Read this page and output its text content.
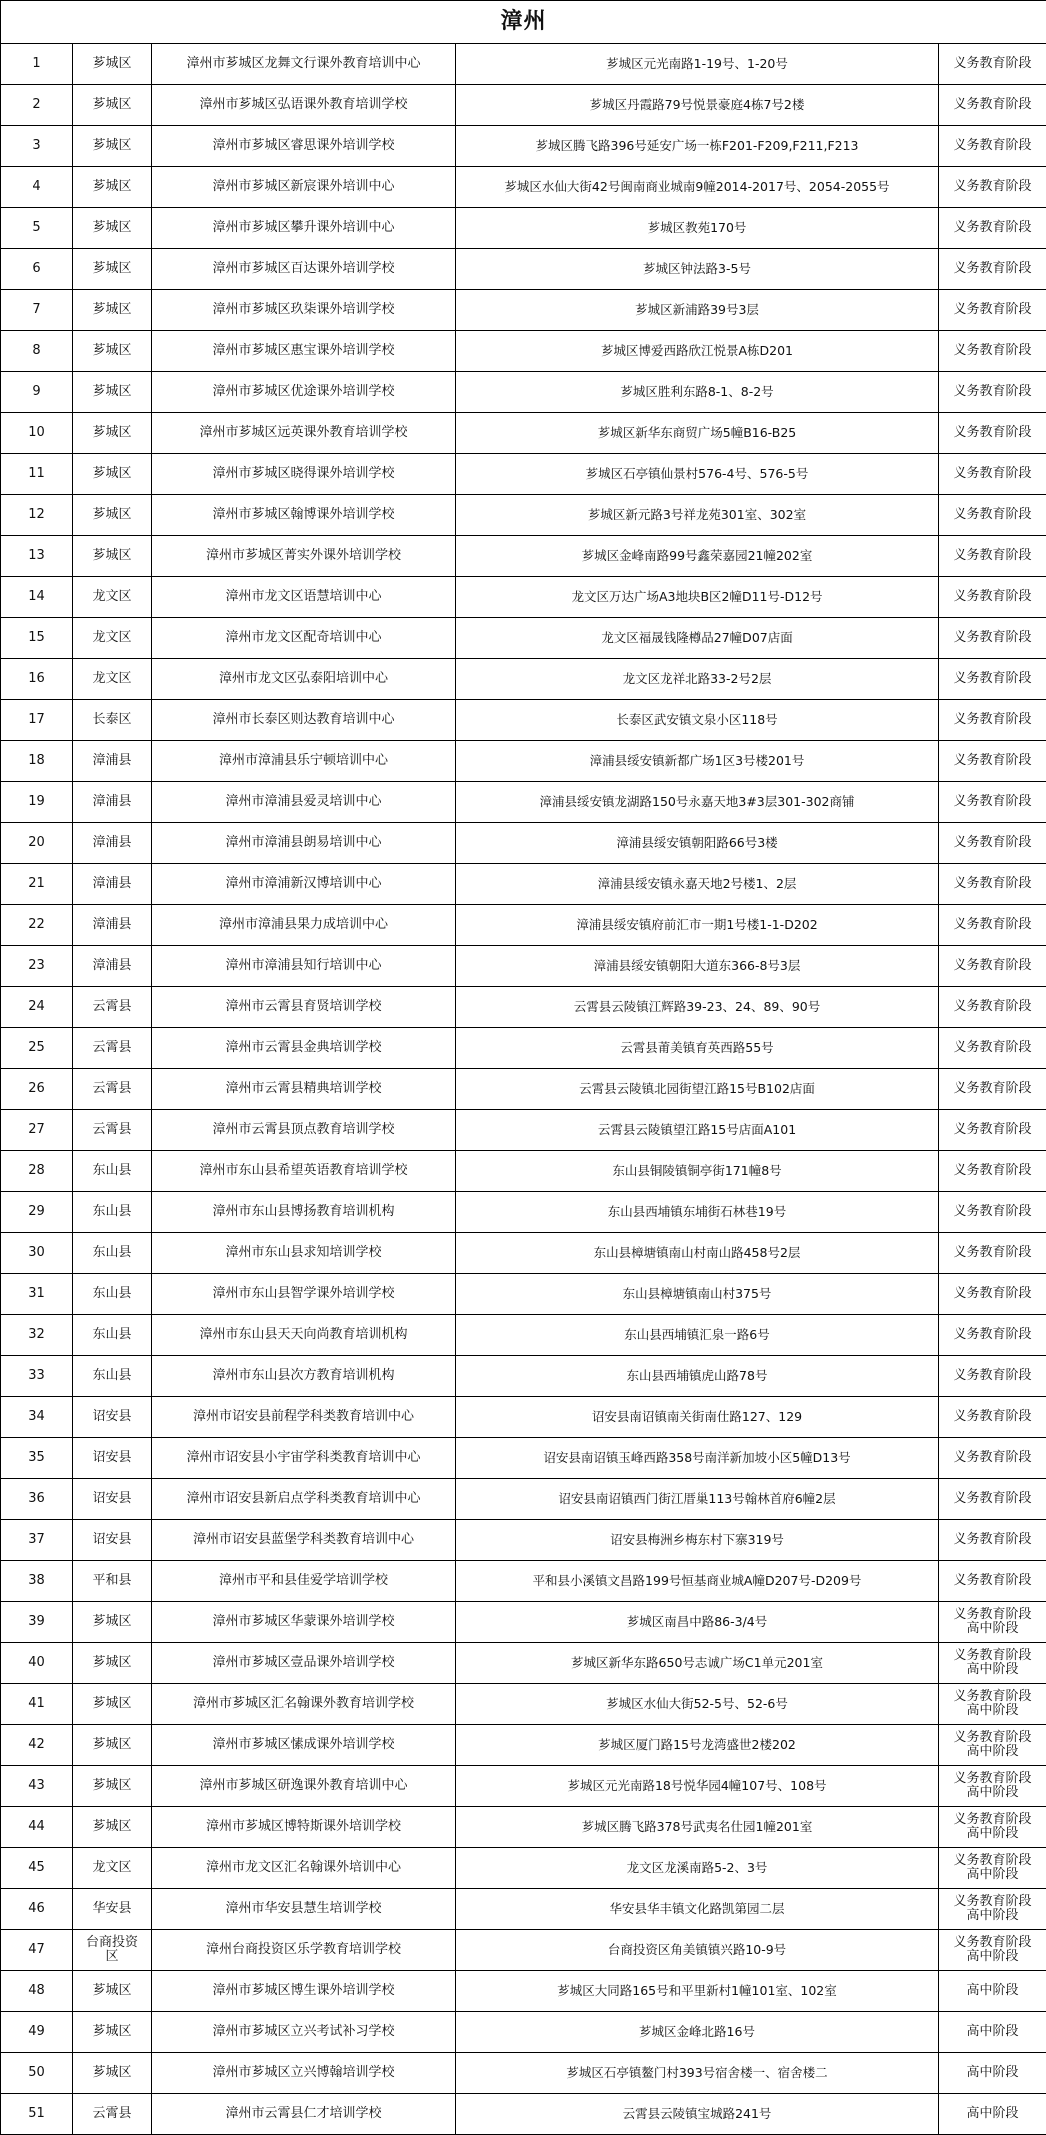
漳州				
1	芗城区	漳州市芗城区龙舞文行课外教育培训中心	芗城区元光南路1-19号、1-20号	义务教育阶段
2	芗城区	漳州市芗城区弘语课外教育培训学校	芗城区丹霞路79号悦景豪庭4栋7号2楼	义务教育阶段
3	芗城区	漳州市芗城区睿思课外培训学校	芗城区腾飞路396号延安广场一栋F201-F209,F211,F213	义务教育阶段
4	芗城区	漳州市芗城区新宸课外培训中心	芗城区水仙大街42号闽南商业城南9幢2014-2017号、2054-2055号	义务教育阶段
5	芗城区	漳州市芗城区攀升课外培训中心	芗城区教苑170号	义务教育阶段
6	芗城区	漳州市芗城区百达课外培训学校	芗城区钟法路3-5号	义务教育阶段
7	芗城区	漳州市芗城区玖柒课外培训学校	芗城区新浦路39号3层	义务教育阶段
8	芗城区	漳州市芗城区惠宝课外培训学校	芗城区博爱西路欣江悦景A栋D201	义务教育阶段
9	芗城区	漳州市芗城区优途课外培训学校	芗城区胜利东路8-1、8-2号	义务教育阶段
10	芗城区	漳州市芗城区远英课外教育培训学校	芗城区新华东商贸广场5幢B16-B25	义务教育阶段
11	芗城区	漳州市芗城区晓得课外培训学校	芗城区石亭镇仙景村576-4号、576-5号	义务教育阶段
12	芗城区	漳州市芗城区翰博课外培训学校	芗城区新元路3号祥龙苑301室、302室	义务教育阶段
13	芗城区	漳州市芗城区菁实外课外培训学校	芗城区金峰南路99号鑫荣嘉园21幢202室	义务教育阶段
14	龙文区	漳州市龙文区语慧培训中心	龙文区万达广场A3地块B区2幢D11号-D12号	义务教育阶段
15	龙文区	漳州市龙文区配奇培训中心	龙文区福晟钱隆樽品27幢D07店面	义务教育阶段
16	龙文区	漳州市龙文区弘泰阳培训中心	龙文区龙祥北路33-2号2层	义务教育阶段
17	长泰区	漳州市长泰区则达教育培训中心	长泰区武安镇文泉小区118号	义务教育阶段
18	漳浦县	漳州市漳浦县乐宁顿培训中心	漳浦县绥安镇新都广场1区3号楼201号	义务教育阶段
19	漳浦县	漳州市漳浦县爱灵培训中心	漳浦县绥安镇龙湖路150号永嘉天地3#3层301-302商铺	义务教育阶段
20	漳浦县	漳州市漳浦县朗易培训中心	漳浦县绥安镇朝阳路66号3楼	义务教育阶段
21	漳浦县	漳州市漳浦新汉博培训中心	漳浦县绥安镇永嘉天地2号楼1、2层	义务教育阶段
22	漳浦县	漳州市漳浦县果力成培训中心	漳浦县绥安镇府前汇市一期1号楼1-1-D202	义务教育阶段
23	漳浦县	漳州市漳浦县知行培训中心	漳浦县绥安镇朝阳大道东366-8号3层	义务教育阶段
24	云霄县	漳州市云霄县育贤培训学校	云霄县云陵镇江辉路39-23、24、89、90号	义务教育阶段
25	云霄县	漳州市云霄县金典培训学校	云霄县莆美镇育英西路55号	义务教育阶段
26	云霄县	漳州市云霄县精典培训学校	云霄县云陵镇北园街望江路15号B102店面	义务教育阶段
27	云霄县	漳州市云霄县顶点教育培训学校	云霄县云陵镇望江路15号店面A101	义务教育阶段
28	东山县	漳州市东山县希望英语教育培训学校	东山县铜陵镇铜亭街171幢8号	义务教育阶段
29	东山县	漳州市东山县博扬教育培训机构	东山县西埔镇东埔街石林巷19号	义务教育阶段
30	东山县	漳州市东山县求知培训学校	东山县樟塘镇南山村南山路458号2层	义务教育阶段
31	东山县	漳州市东山县智学课外培训学校	东山县樟塘镇南山村375号	义务教育阶段
32	东山县	漳州市东山县天天向尚教育培训机构	东山县西埔镇汇泉一路6号	义务教育阶段
33	东山县	漳州市东山县次方教育培训机构	东山县西埔镇虎山路78号	义务教育阶段
34	诏安县	漳州市诏安县前程学科类教育培训中心	诏安县南诏镇南关街南仕路127、129	义务教育阶段
35	诏安县	漳州市诏安县小宇宙学科类教育培训中心	诏安县南诏镇玉峰西路358号南洋新加坡小区5幢D13号	义务教育阶段
36	诏安县	漳州市诏安县新启点学科类教育培训中心	诏安县南诏镇西门街江厝巢113号翰林首府6幢2层	义务教育阶段
37	诏安县	漳州市诏安县蓝堡学科类教育培训中心	诏安县梅洲乡梅东村下寨319号	义务教育阶段
38	平和县	漳州市平和县佳爱学培训学校	平和县小溪镇文昌路199号恒基商业城A幢D207号-D209号	义务教育阶段
39	芗城区	漳州市芗城区华蒙课外培训学校	芗城区南昌中路86-3/4号	义务教育阶段
高中阶段
40	芗城区	漳州市芗城区壹品课外培训学校	芗城区新华东路650号志诚广场C1单元201室	义务教育阶段
高中阶段
41	芗城区	漳州市芗城区汇名翰课外教育培训学校	芗城区水仙大街52-5号、52-6号	义务教育阶段
高中阶段
42	芗城区	漳州市芗城区愫成课外培训学校	芗城区厦门路15号龙湾盛世2楼202	义务教育阶段
高中阶段
43	芗城区	漳州市芗城区研逸课外教育培训中心	芗城区元光南路18号悦华园4幢107号、108号	义务教育阶段
高中阶段
44	芗城区	漳州市芗城区博特斯课外培训学校	芗城区腾飞路378号武夷名仕园1幢201室	义务教育阶段
高中阶段
45	龙文区	漳州市龙文区汇名翰课外培训中心	龙文区龙溪南路5-2、3号	义务教育阶段
高中阶段
46	华安县	漳州市华安县慧生培训学校	华安县华丰镇文化路凯第园二层	义务教育阶段
高中阶段
47	台商投资
区	漳州台商投资区乐学教育培训学校	台商投资区角美镇镇兴路10-9号	义务教育阶段
高中阶段
48	芗城区	漳州市芗城区博生课外培训学校	芗城区大同路165号和平里新村1幢101室、102室	高中阶段
49	芗城区	漳州市芗城区立兴考试补习学校	芗城区金峰北路16号	高中阶段
50	芗城区	漳州市芗城区立兴博翰培训学校	芗城区石亭镇鳌门村393号宿舍楼一、宿舍楼二	高中阶段
51	云霄县	漳州市云霄县仁才培训学校	云霄县云陵镇宝城路241号	高中阶段
